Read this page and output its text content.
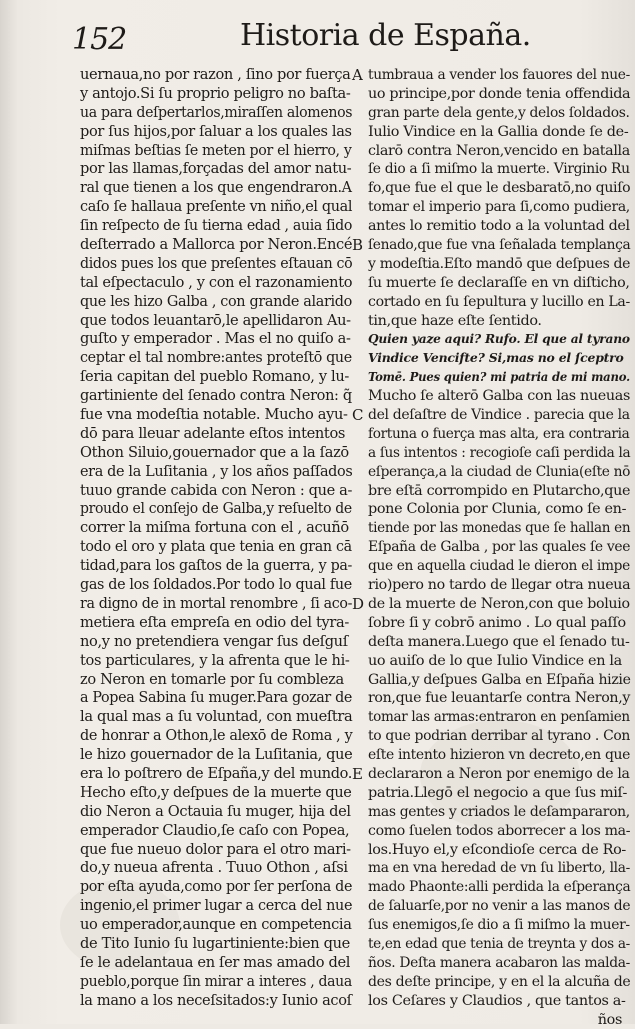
152	Historia de España.
uernaua,no por razon , ſino por fuerça
y antojo.Si ſu proprio peligro no baſta-
ua para deſpertarlos,miraſſen alomenos
por ſus hijos,por ſaluar a los quales las
miſmas beſtias ſe meten por el hierro, y
por las llamas,forçadas del amor natu-
ral que tienen a los que engendraron.A
caſo ſe hallaua preſente vn niño,el qual
ſin reſpecto de ſu tierna edad , auia ſido
deſterrado a Mallorca por Neron.Encé
didos pues los que preſentes eſtauan cō
tal eſpectaculo , y con el razonamiento
que les hizo Galba , con grande alarido
que todos leuantarō,le apellidaron Au-
guſto y emperador . Mas el no quiſo a-
ceptar el tal nombre:antes proteſtō que
ſeria capitan del pueblo Romano, y lu-
gartiniente del ſenado contra Neron: q̃
fue vna modeſtia notable. Mucho ayu-
dō para lleuar adelante eſtos intentos
Othon Siluio,gouernador que a la ſazō
era de la Luſitania , y los años paſſados
tuuo grande cabida con Neron : que a-
proudo el conſejo de Galba,y reſuelto de
correr la miſma fortuna con el , acuñō
todo el oro y plata que tenia en gran cā
tidad,para los gaſtos de la guerra, y pa-
gas de los ſoldados.Por todo lo qual fue
ra digno de in mortal renombre , ſi aco-
metiera eſta empreſa en odio del tyra-
no,y no pretendiera vengar ſus deſguſ
tos particulares, y la afrenta que le hi-
zo Neron en tomarle por ſu combleza
a Popea Sabina ſu muger.Para gozar de
la qual mas a ſu voluntad, con mueſtra
de honrar a Othon,le alexō de Roma , y
le hizo gouernador de la Luſitania, que
era lo poſtrero de Eſpaña,y del mundo.
Hecho eſto,y deſpues de la muerte que
dio Neron a Octauia ſu muger, hija del
emperador Claudio,ſe caſo con Popea,
que fue nueuo dolor para el otro mari-
do,y nueua afrenta . Tuuo Othon , aſsi
por eſta ayuda,como por ſer perſona de
ingenio,el primer lugar a cerca del nue
uo emperador,aunque en competencia
de Tito Iunio ſu lugartiniente:bien que
ſe le adelantaua en ſer mas amado del
pueblo,porque ſin mirar a interes , daua
la mano a los neceſsitados:y Iunio acoſ
tumbraua a vender los fauores del nue-
uo principe,por donde tenia offendida
gran parte dela gente,y delos ſoldados.
Iulio Vindice en la Gallia donde ſe de-
clarō contra Neron,vencido en batalla
ſe dio a ſi miſmo la muerte. Virginio Ru
fo,que fue el que le desbaratō,no quiſo
tomar el imperio para ſi,como pudiera,
antes lo remitio todo a la voluntad del
ſenado,que fue vna ſeñalada templança
y modeſtia.Eſto mandō que deſpues de
ſu muerte ſe declaraſſe en vn diſticho,
cortado en ſu ſepultura y lucillo en La-
tin,que haze eſte ſentido.
Quien yaze aqui? Rufo. El que al tyrano
Vindice Vencifte? Si,mas no el ſceptro
Tomē. Pues quien? mi patria de mi mano.
Mucho ſe alterō Galba con las nueuas
del deſaſtre de Vindice . parecia que la
fortuna o fuerça mas alta, era contraria
a ſus intentos : recogioſe caſi perdida la
eſperança,a la ciudad de Clunia(eſte nō
bre eſtā corrompido en Plutarcho,que
pone Colonia por Clunia, como ſe en-
tiende por las monedas que ſe hallan en
Eſpaña de Galba , por las quales ſe vee
que en aquella ciudad le dieron el impe
rio)pero no tardo de llegar otra nueua
de la muerte de Neron,con que boluio
ſobre ſi y cobrō animo . Lo qual paſſo
deſta manera.Luego que el ſenado tu-
uo auiſo de lo que Iulio Vindice en la
Gallia,y deſpues Galba en Eſpaña hizie
ron,que fue leuantarſe contra Neron,y
tomar las armas:entraron en penſamien
to que podrian derribar al tyrano . Con
eſte intento hizieron vn decreto,en que
declararon a Neron por enemigo de la
patria.Llegō el negocio a que ſus miſ-
mas gentes y criados le deſampararon,
como ſuelen todos aborrecer a los ma-
los.Huyo el,y eſcondioſe cerca de Ro-
ma en vna heredad de vn ſu liberto, lla-
mado Phaonte:alli perdida la eſperança
de ſaluarſe,por no venir a las manos de
ſus enemigos,ſe dio a ſi miſmo la muer-
te,en edad que tenia de treynta y dos a-
ños. Deſta manera acabaron las malda-
des deſte principe, y en el la alcuña de
los Ceſares y Claudios , que tantos a-
ños
A
B
C
D
E
